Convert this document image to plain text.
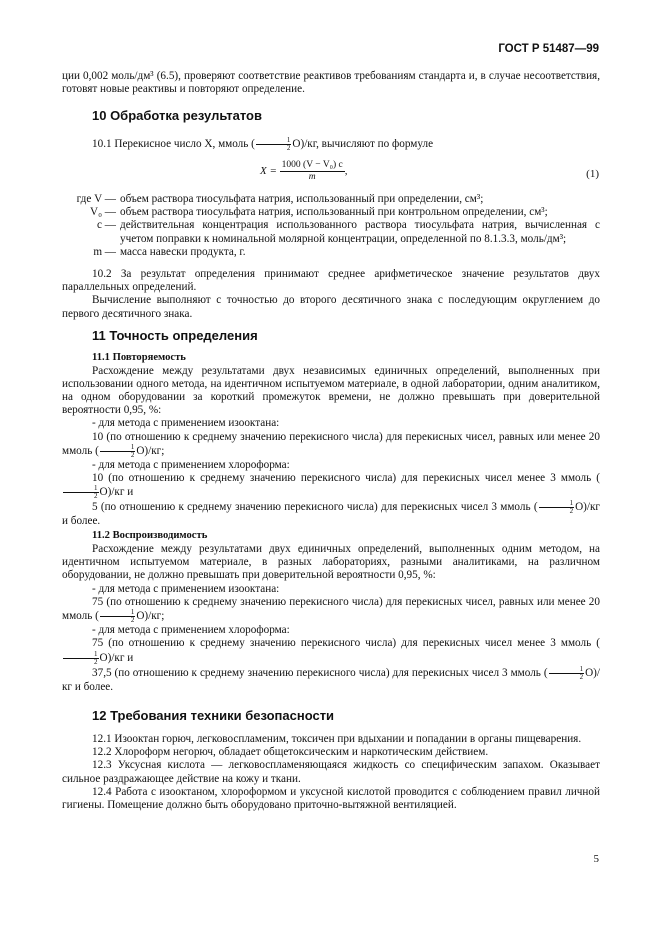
ГОСТ Р 51487—99

ции 0,002 моль/дм³ (6.5), проверяют соответствие реактивов требованиям стандарта и, в случае несоответствия, готовят новые реактивы и повторяют определение.

10 Обработка результатов

10.1 Перекисное число X, ммоль ( $\frac{1}{2} O)/кг$, вычисляют по формуле

$X = \frac{\text{1000 (V − V₀) c}}{m}$ ,	(1)
где V — объем раствора тиосульфата натрия, использованный при определении, см³;
V₀ — объем раствора тиосульфата натрия, использованный при контрольном определении, см³;
c — действительная концентрация использованного раствора тиосульфата натрия, вычисленная с учетом поправки к номинальной молярной концентрации, определенной по 8.1.3.3, моль/дм³;
m — масса навески продукта, г.

10.2 За результат определения принимают среднее арифметическое значение результатов двух параллельных определений.

Вычисление выполняют с точностью до второго десятичного знака с последующим округлением до первого десятичного знака.

11 Точность определения

11.1 Повторяемость

Расхождение между результатами двух независимых единичных определений, выполненных при использовании одного метода, на идентичном испытуемом материале, в одной лаборатории, одним аналитиком, на одном оборудовании за короткий промежуток времени, не должно превышать при доверительной вероятности 0,95, %:

- для метода с применением изооктана:

10 (по отношению к среднему значению перекисного числа) для перекисных чисел, равных или менее 20 ммоль ( $\frac{1}{2} O)/кг$;

- для метода с применением хлороформа:

10 (по отношению к среднему значению перекисного числа) для перекисных чисел менее 3 ммоль (
$\frac{1}{2} O)/кг$ и

5 (по отношению к среднему значению перекисного числа) для перекисных чисел 3 ммоль ( $\frac{1}{2} O)/кг$ и более.

11.2 Воспроизводимость

Расхождение между результатами двух единичных определений, выполненных одним методом, на идентичном испытуемом материале, в разных лабораториях, разными аналитиками, на различном оборудовании, не должно превышать при доверительной вероятности 0,95, %:

- для метода с применением изооктана:

75 (по отношению к среднему значению перекисного числа) для перекисных чисел, равных или менее 20 ммоль ( $\frac{1}{2} O)/кг$;

- для метода с применением хлороформа:

75 (по отношению к среднему значению перекисного числа) для перекисных чисел менее 3 ммоль (
$\frac{1}{2} O)/кг$ и

37,5 (по отношению к среднему значению перекисного числа) для перекисных чисел 3 ммоль ( $\frac{1}{2} O)/кг$ и более.

12 Требования техники безопасности

12.1 Изооктан горюч, легковоспламеним, токсичен при вдыхании и попадании в органы пищеварения.

12.2 Хлороформ негорюч, обладает общетоксическим и наркотическим действием.

12.3 Уксусная кислота — легковоспламеняющаяся жидкость со специфическим запахом. Оказывает сильное раздражающее действие на кожу и ткани.

12.4 Работа с изооктаном, хлороформом и уксусной кислотой проводится с соблюдением правил личной гигиены. Помещение должно быть оборудовано приточно-вытяжной вентиляцией.

5
